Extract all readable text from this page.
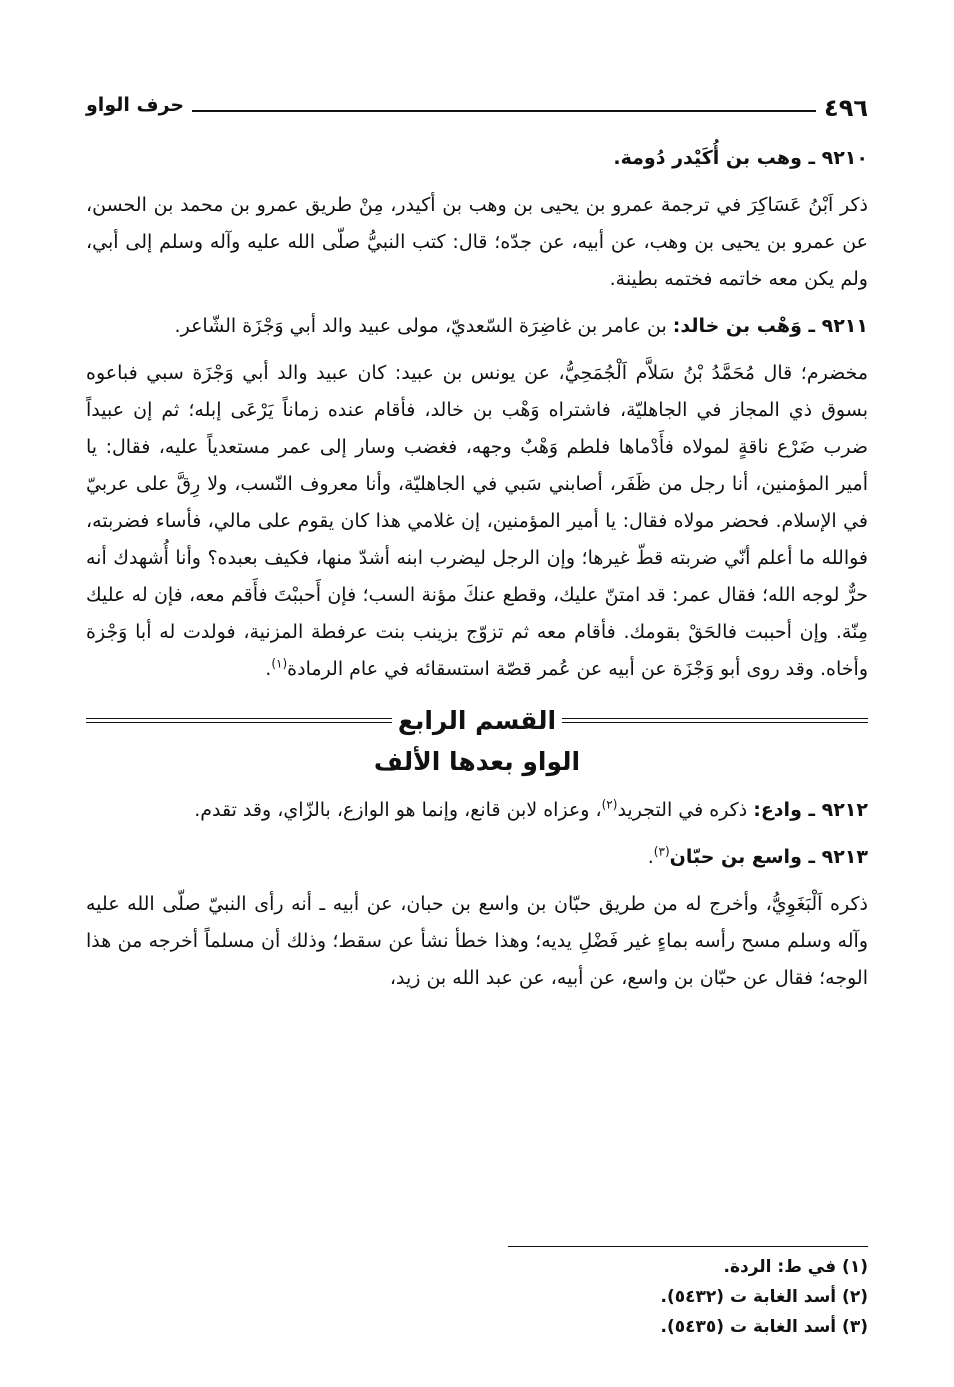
حرف الواو	٤٩٦

٩٢١٠ ـ وهب بن أُكَيْدر دُومة.

ذكر اَبْنُ عَسَاكِرَ في ترجمة عمرو بن يحيى بن وهب بن أكيدر، مِنْ طريق عمرو بن محمد بن الحسن، عن عمرو بن يحيى بن وهب، عن أبيه، عن جدّه؛ قال: كتب النبيُّ صلّى الله عليه وآله وسلم إلى أبي، ولم يكن معه خاتمه فختمه بطينة.

٩٢١١ ـ وَهْب بن خالد: بن عامر بن غاضِرَة السّعديّ، مولى عبيد والد أبي وَجْزَة الشّاعر.

مخضرم؛ قال مُحَمَّدُ بْنُ سَلاَّم اَلْجُمَحِيُّ، عن يونس بن عبيد: كان عبيد والد أبي وَجْزَة سبي فباعوه بسوق ذي المجاز في الجاهليّة، فاشتراه وَهْب بن خالد، فأقام عنده زماناً يَرْعَى إبله؛ ثم إن عبيداً ضرب ضَرْع ناقةٍ لمولاه فأَدْماها فلطم وَهْبٌ وجهه، فغضب وسار إلى عمر مستعدياً عليه، فقال: يا أمير المؤمنين، أنا رجل من ظَفَر، أصابني سَبي في الجاهليّة، وأنا معروف النّسب، ولا رِقَّ على عربيّ في الإسلام. فحضر مولاه فقال: يا أمير المؤمنين، إن غلامي هذا كان يقوم على مالي، فأساء فضربته، فوالله ما أعلم أنّي ضربته قطّ غيرها؛ وإن الرجل ليضرب ابنه أشدّ منها، فكيف بعبده؟ وأنا أُشهدك أنه حرٌّ لوجه الله؛ فقال عمر: قد امتنّ عليك، وقطع عنكَ مؤنة السب؛ فإن أَحببْتَ فأَقم معه، فإن له عليك مِنّة. وإن أحببت فالحَقْ بقومك. فأقام معه ثم تزوّج بزينب بنت عرفطة المزنية، فولدت له أبا وَجْزة وأخاه. وقد روى أبو وَجْزَة عن أبيه عن عُمر قصّة استسقائه في عام الرمادة$^{(١)}$.

القسم الرابع
الواو بعدها الألف

٩٢١٢ ـ وادع: ذكره في التجريد$^{(٢)}$، وعزاه لابن قانع، وإنما هو الوازع، بالزّاي، وقد تقدم.

٩٢١٣ ـ واسع بن حبّان$^{(٣)}$.

ذكره اَلْبَغَوِيُّ، وأخرج له من طريق حبّان بن واسع بن حبان، عن أبيه ـ أنه رأى النبيّ صلّى الله عليه وآله وسلم مسح رأسه بماءٍ غير فَضْلِ يديه؛ وهذا خطأ نشأ عن سقط؛ وذلك أن مسلماً أخرجه من هذا الوجه؛ فقال عن حبّان بن واسع، عن أبيه، عن عبد الله بن زيد،

(١) في ط: الردة.
(٢) أسد الغابة ت (٥٤٣٢).
(٣) أسد الغابة ت (٥٤٣٥).
